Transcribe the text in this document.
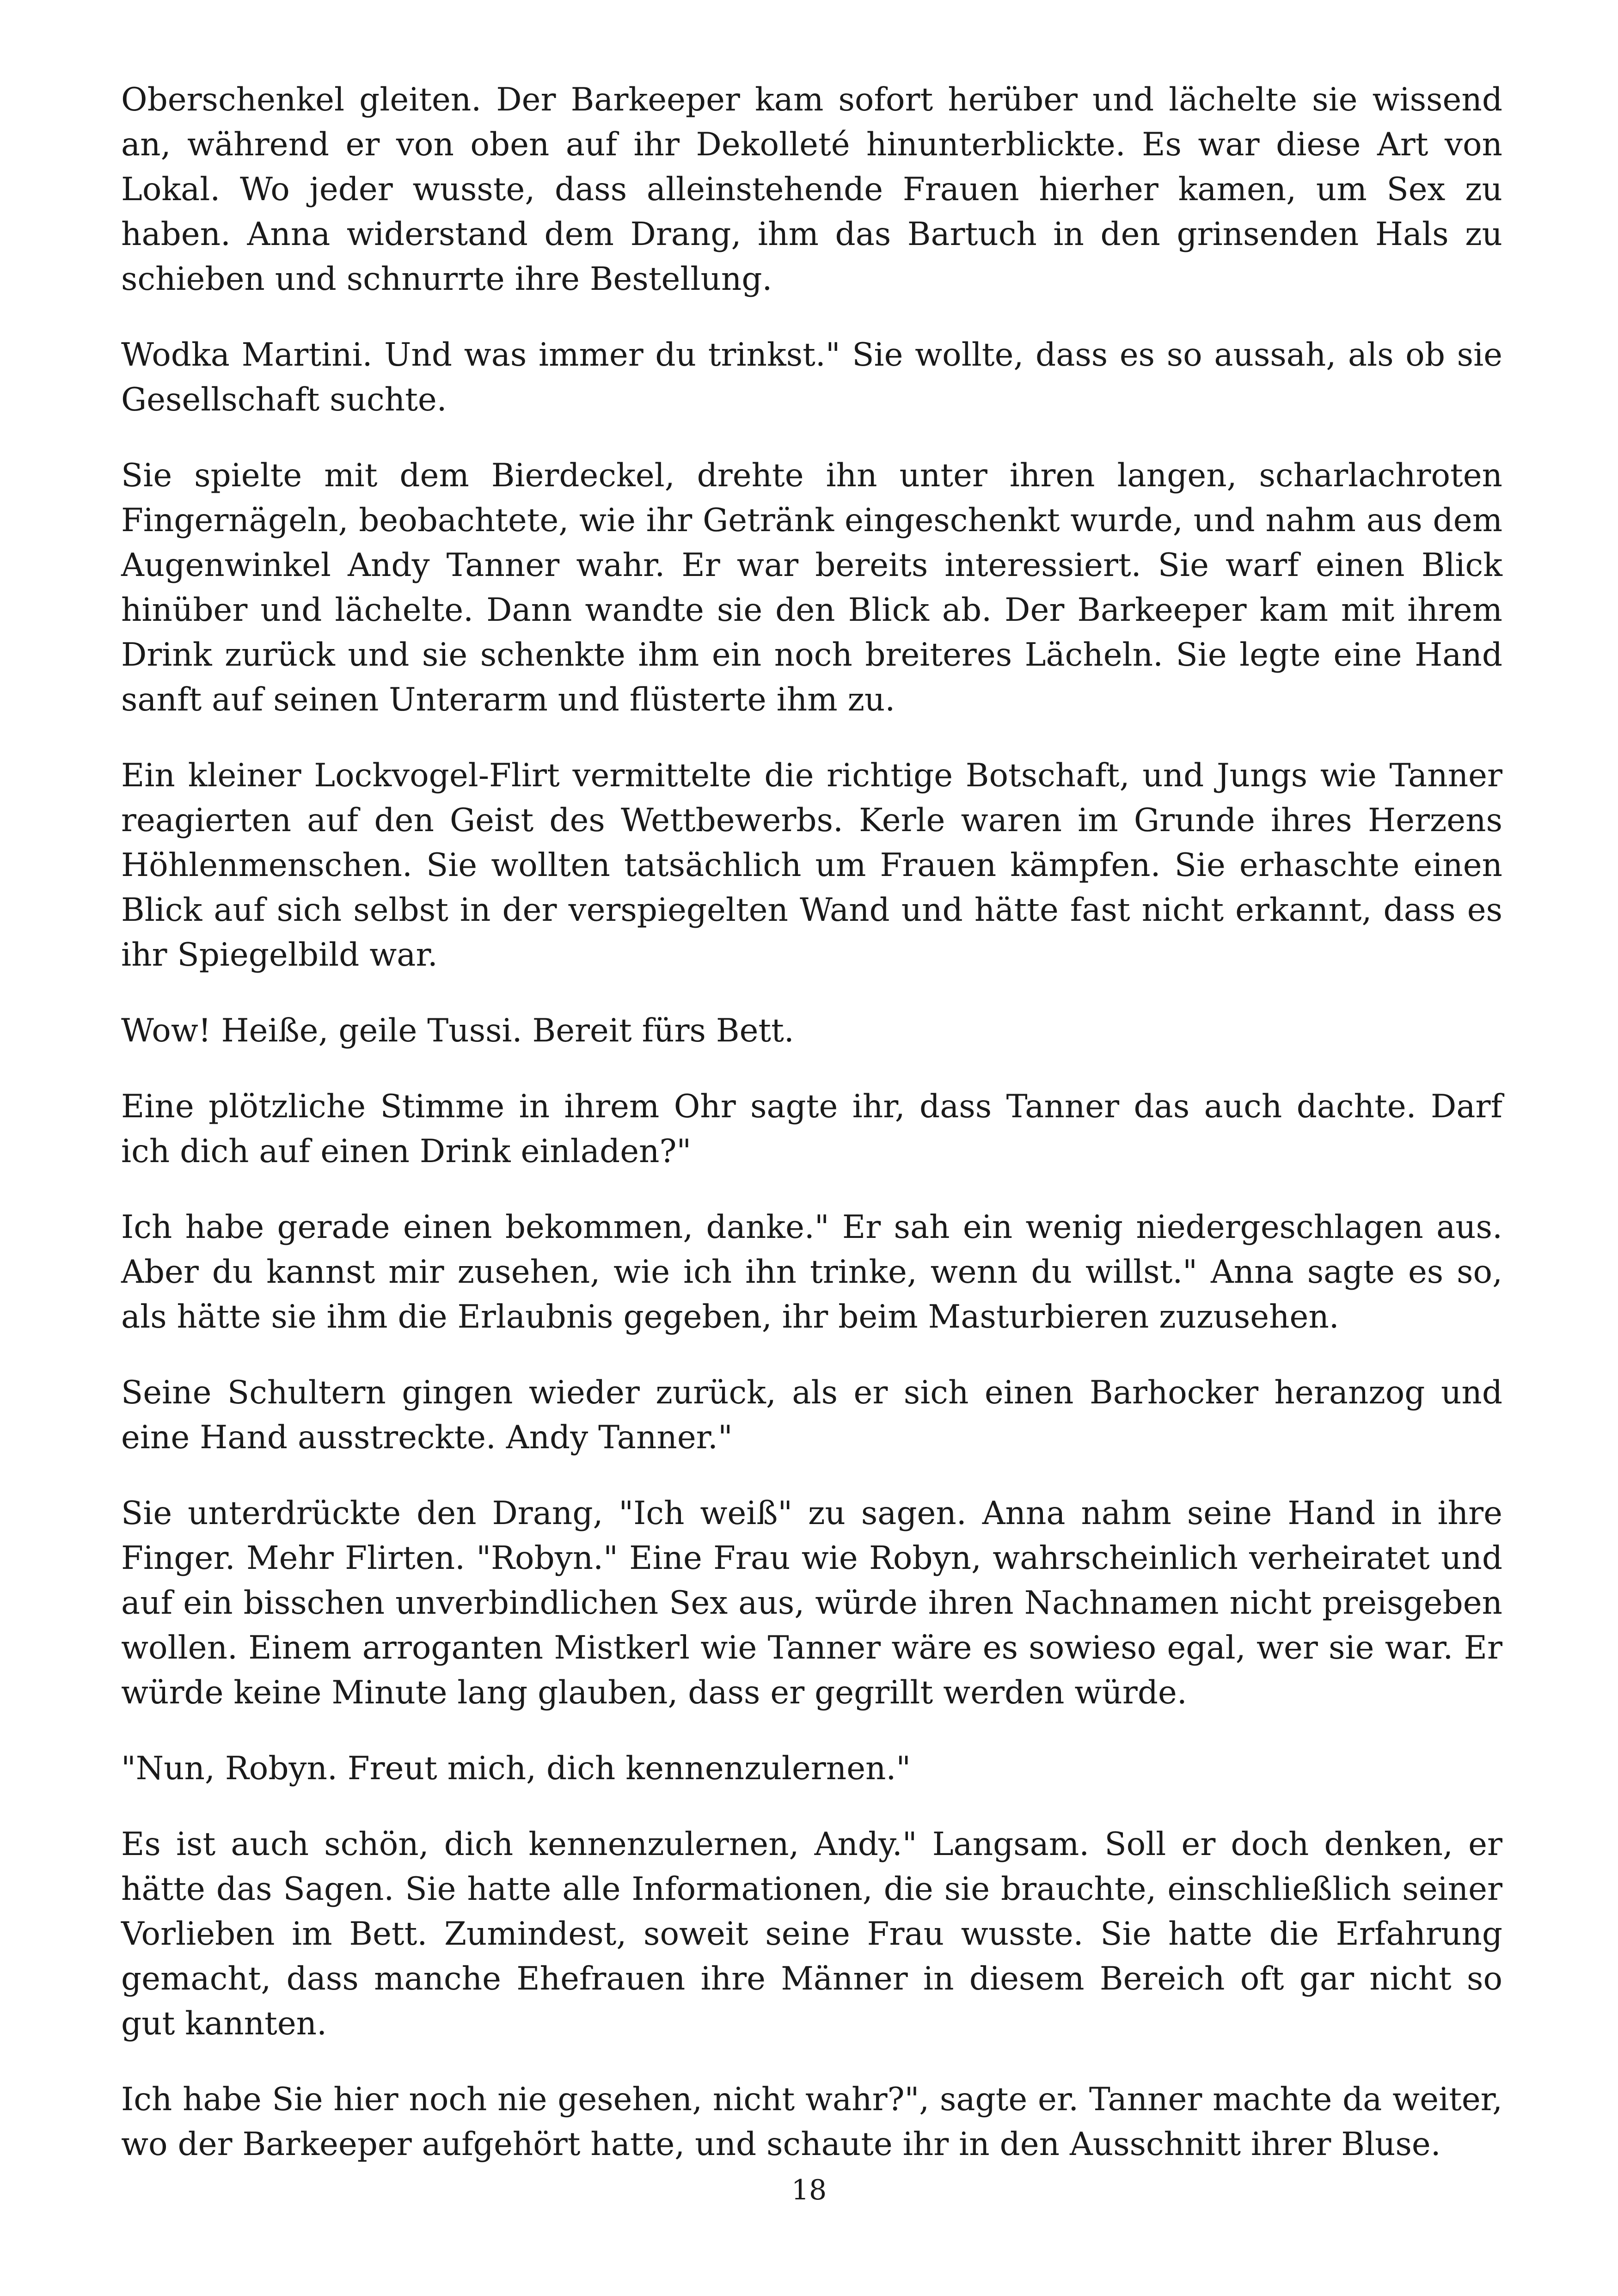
Oberschenkel gleiten. Der Barkeeper kam sofort herüber und lächelte sie wissend an, während er von oben auf ihr Dekolleté hinunterblickte. Es war diese Art von Lokal. Wo jeder wusste, dass alleinstehende Frauen hierher kamen, um Sex zu haben. Anna widerstand dem Drang, ihm das Bartuch in den grinsenden Hals zu schieben und schnurrte ihre Bestellung.

Wodka Martini. Und was immer du trinkst." Sie wollte, dass es so aussah, als ob sie Gesellschaft suchte.

Sie spielte mit dem Bierdeckel, drehte ihn unter ihren langen, scharlachroten Fingernägeln, beobachtete, wie ihr Getränk eingeschenkt wurde, und nahm aus dem Augenwinkel Andy Tanner wahr. Er war bereits interessiert. Sie warf einen Blick hinüber und lächelte. Dann wandte sie den Blick ab. Der Barkeeper kam mit ihrem Drink zurück und sie schenkte ihm ein noch breiteres Lächeln. Sie legte eine Hand sanft auf seinen Unterarm und flüsterte ihm zu.

Ein kleiner Lockvogel-Flirt vermittelte die richtige Botschaft, und Jungs wie Tanner reagierten auf den Geist des Wettbewerbs. Kerle waren im Grunde ihres Herzens Höhlenmenschen. Sie wollten tatsächlich um Frauen kämpfen. Sie erhaschte einen Blick auf sich selbst in der verspiegelten Wand und hätte fast nicht erkannt, dass es ihr Spiegelbild war.

Wow! Heiße, geile Tussi. Bereit fürs Bett.

Eine plötzliche Stimme in ihrem Ohr sagte ihr, dass Tanner das auch dachte. Darf ich dich auf einen Drink einladen?"

Ich habe gerade einen bekommen, danke." Er sah ein wenig niedergeschlagen aus. Aber du kannst mir zusehen, wie ich ihn trinke, wenn du willst." Anna sagte es so, als hätte sie ihm die Erlaubnis gegeben, ihr beim Masturbieren zuzusehen.

Seine Schultern gingen wieder zurück, als er sich einen Barhocker heranzog und eine Hand ausstreckte. Andy Tanner."

Sie unterdrückte den Drang, "Ich weiß" zu sagen. Anna nahm seine Hand in ihre Finger. Mehr Flirten. "Robyn." Eine Frau wie Robyn, wahrscheinlich verheiratet und auf ein bisschen unverbindlichen Sex aus, würde ihren Nachnamen nicht preisgeben wollen. Einem arroganten Mistkerl wie Tanner wäre es sowieso egal, wer sie war. Er würde keine Minute lang glauben, dass er gegrillt werden würde.

"Nun, Robyn. Freut mich, dich kennenzulernen."

Es ist auch schön, dich kennenzulernen, Andy." Langsam. Soll er doch denken, er hätte das Sagen. Sie hatte alle Informationen, die sie brauchte, einschließlich seiner Vorlieben im Bett. Zumindest, soweit seine Frau wusste. Sie hatte die Erfahrung gemacht, dass manche Ehefrauen ihre Männer in diesem Bereich oft gar nicht so gut kannten.

Ich habe Sie hier noch nie gesehen, nicht wahr?", sagte er. Tanner machte da weiter, wo der Barkeeper aufgehört hatte, und schaute ihr in den Ausschnitt ihrer Bluse.

18
